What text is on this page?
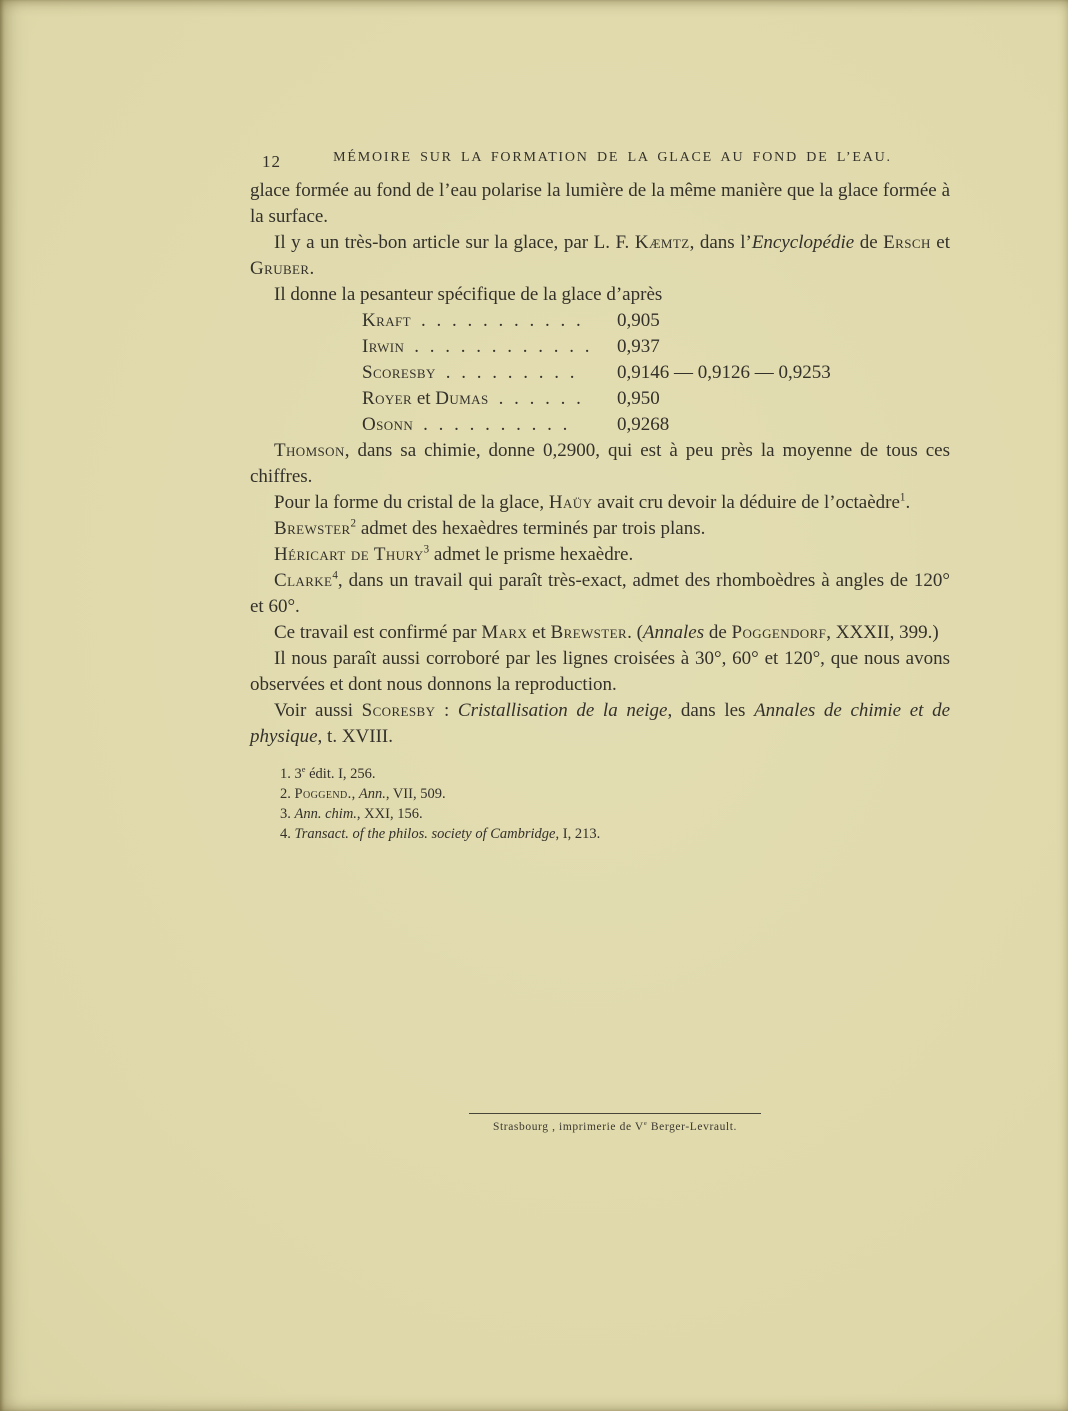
12	MÉMOIRE SUR LA FORMATION DE LA GLACE AU FOND DE L’EAU.

glace formée au fond de l’eau polarise la lumière de la même manière que la glace formée à la surface.

Il y a un très-bon article sur la glace, par L. F. Kæmtz, dans l’Encyclopédie de Ersch et Gruber.

Il donne la pesanteur spécifique de la glace d’après

Kraft . . . . . . . . . . . 0,905
Irwin . . . . . . . . . . . . 0,937
Scoresby . . . . . . . . . 0,9146 — 0,9126 — 0,9253
Royer et Dumas . . . . . . 0,950
Osonn . . . . . . . . . . 0,9268

Thomson, dans sa chimie, donne 0,2900, qui est à peu près la moyenne de tous ces chiffres.

Pour la forme du cristal de la glace, Haüy avait cru devoir la déduire de l’octaèdre$^1$.

Brewster$^2$ admet des hexaèdres terminés par trois plans.

Héricart de Thury$^3$ admet le prisme hexaèdre.

Clarke$^4$, dans un travail qui paraît très-exact, admet des rhomboèdres à angles de 120° et 60°.

Ce travail est confirmé par Marx et Brewster. (Annales de Poggendorf, XXXII, 399.)

Il nous paraît aussi corroboré par les lignes croisées à 30°, 60° et 120°, que nous avons observées et dont nous donnons la reproduction.

Voir aussi Scoresby : Cristallisation de la neige, dans les Annales de chimie et de physique, t. XVIII.

1. 3e édit. I, 256.

2. Poggend., Ann., VII, 509.

3. Ann. chim., XXI, 156.

4. Transact. of the philos. society of Cambridge, I, 213.

Strasbourg , imprimerie de Ve Berger-Levrault.
